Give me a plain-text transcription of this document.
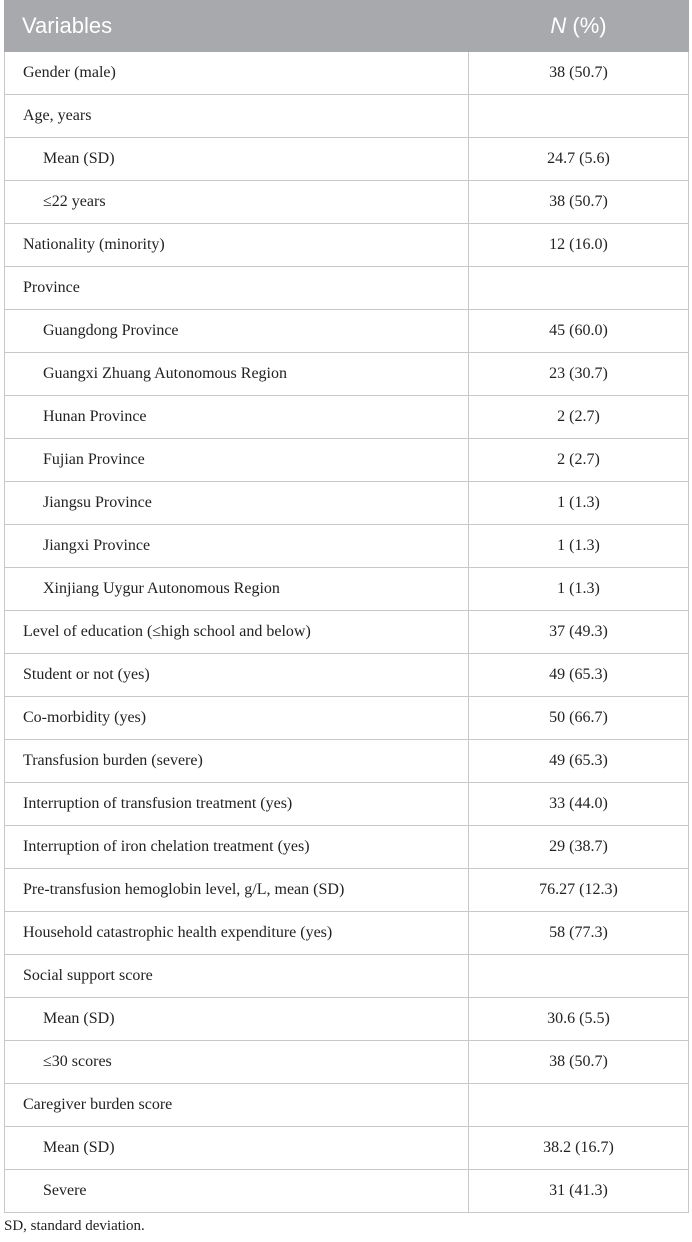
Variables	N (%)
Gender (male)	38 (50.7)
Age, years	
Mean (SD)	24.7 (5.6)
≤22 years	38 (50.7)
Nationality (minority)	12 (16.0)
Province	
Guangdong Province	45 (60.0)
Guangxi Zhuang Autonomous Region	23 (30.7)
Hunan Province	2 (2.7)
Fujian Province	2 (2.7)
Jiangsu Province	1 (1.3)
Jiangxi Province	1 (1.3)
Xinjiang Uygur Autonomous Region	1 (1.3)
Level of education (≤high school and below)	37 (49.3)
Student or not (yes)	49 (65.3)
Co-morbidity (yes)	50 (66.7)
Transfusion burden (severe)	49 (65.3)
Interruption of transfusion treatment (yes)	33 (44.0)
Interruption of iron chelation treatment (yes)	29 (38.7)
Pre-transfusion hemoglobin level, g/L, mean (SD)	76.27 (12.3)
Household catastrophic health expenditure (yes)	58 (77.3)
Social support score	
Mean (SD)	30.6 (5.5)
≤30 scores	38 (50.7)
Caregiver burden score	
Mean (SD)	38.2 (16.7)
Severe	31 (41.3)
SD, standard deviation.
